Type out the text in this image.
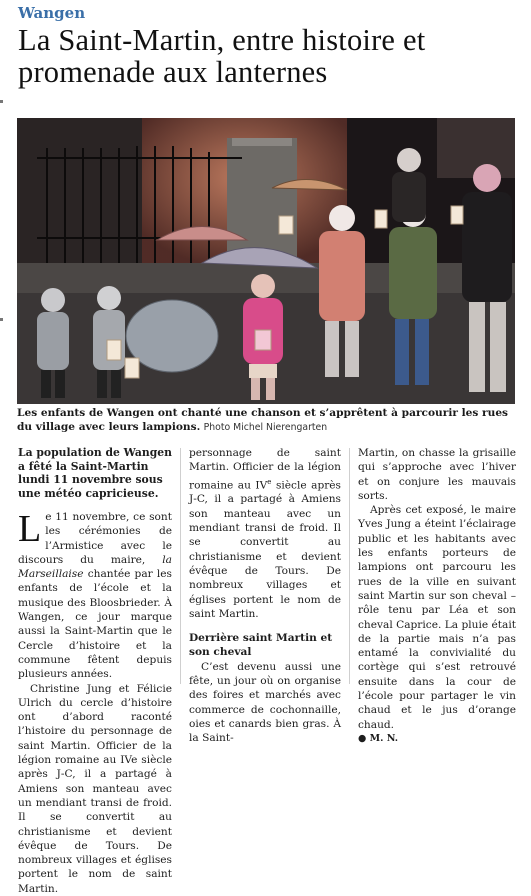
Wangen
La Saint-Martin, entre histoire et promenade aux lanternes

Les enfants de Wangen ont chanté une chanson et s’apprêtent à parcourir les rues du village avec leurs lampions. Photo Michel Nierengarten

La population de Wangen a fêté la Saint-Martin lundi 11 novembre sous une météo capricieuse.

Le 11 novembre, ce sont les cérémonies de l’Armistice avec le discours du maire, la Marseillaise chantée par les enfants de l’école et la musique des Bloosbrieder. À Wangen, ce jour marque aussi la Saint-Martin que le Cercle d’histoire et la commune fêtent depuis plusieurs années.

Christine Jung et Félicie Ulrich du cercle d’histoire ont d’abord raconté l’histoire du personnage de saint Martin. Officier de la légion romaine au IVe siècle après J-C, il a partagé à Amiens son manteau avec un mendiant transi de froid. Il se convertit au christianisme et devient évêque de Tours. De nombreux villages et églises portent le nom de saint Martin.

personnage de saint Martin. Officier de la légion romaine au IVe siècle après J-C, il a partagé à Amiens son manteau avec un mendiant transi de froid. Il se convertit au christianisme et devient évêque de Tours. De nombreux villages et églises portent le nom de saint Martin.

Derrière saint Martin et son cheval

C’est devenu aussi une fête, un jour où on organise des foires et marchés avec commerce de cochonnaille, oies et canards bien gras. À la Saint-

Martin, on chasse la grisaille qui s’approche avec l’hiver et on conjure les mauvais sorts.

Après cet exposé, le maire Yves Jung a éteint l’éclairage public et les habitants avec les enfants porteurs de lampions ont parcouru les rues de la ville en suivant saint Martin sur son cheval – rôle tenu par Léa et son cheval Caprice. La pluie était de la partie mais n’a pas entamé la convivialité du cortège qui s’est retrouvé ensuite dans la cour de l’école pour partager le vin chaud et le jus d’orange chaud.

● M. N.
